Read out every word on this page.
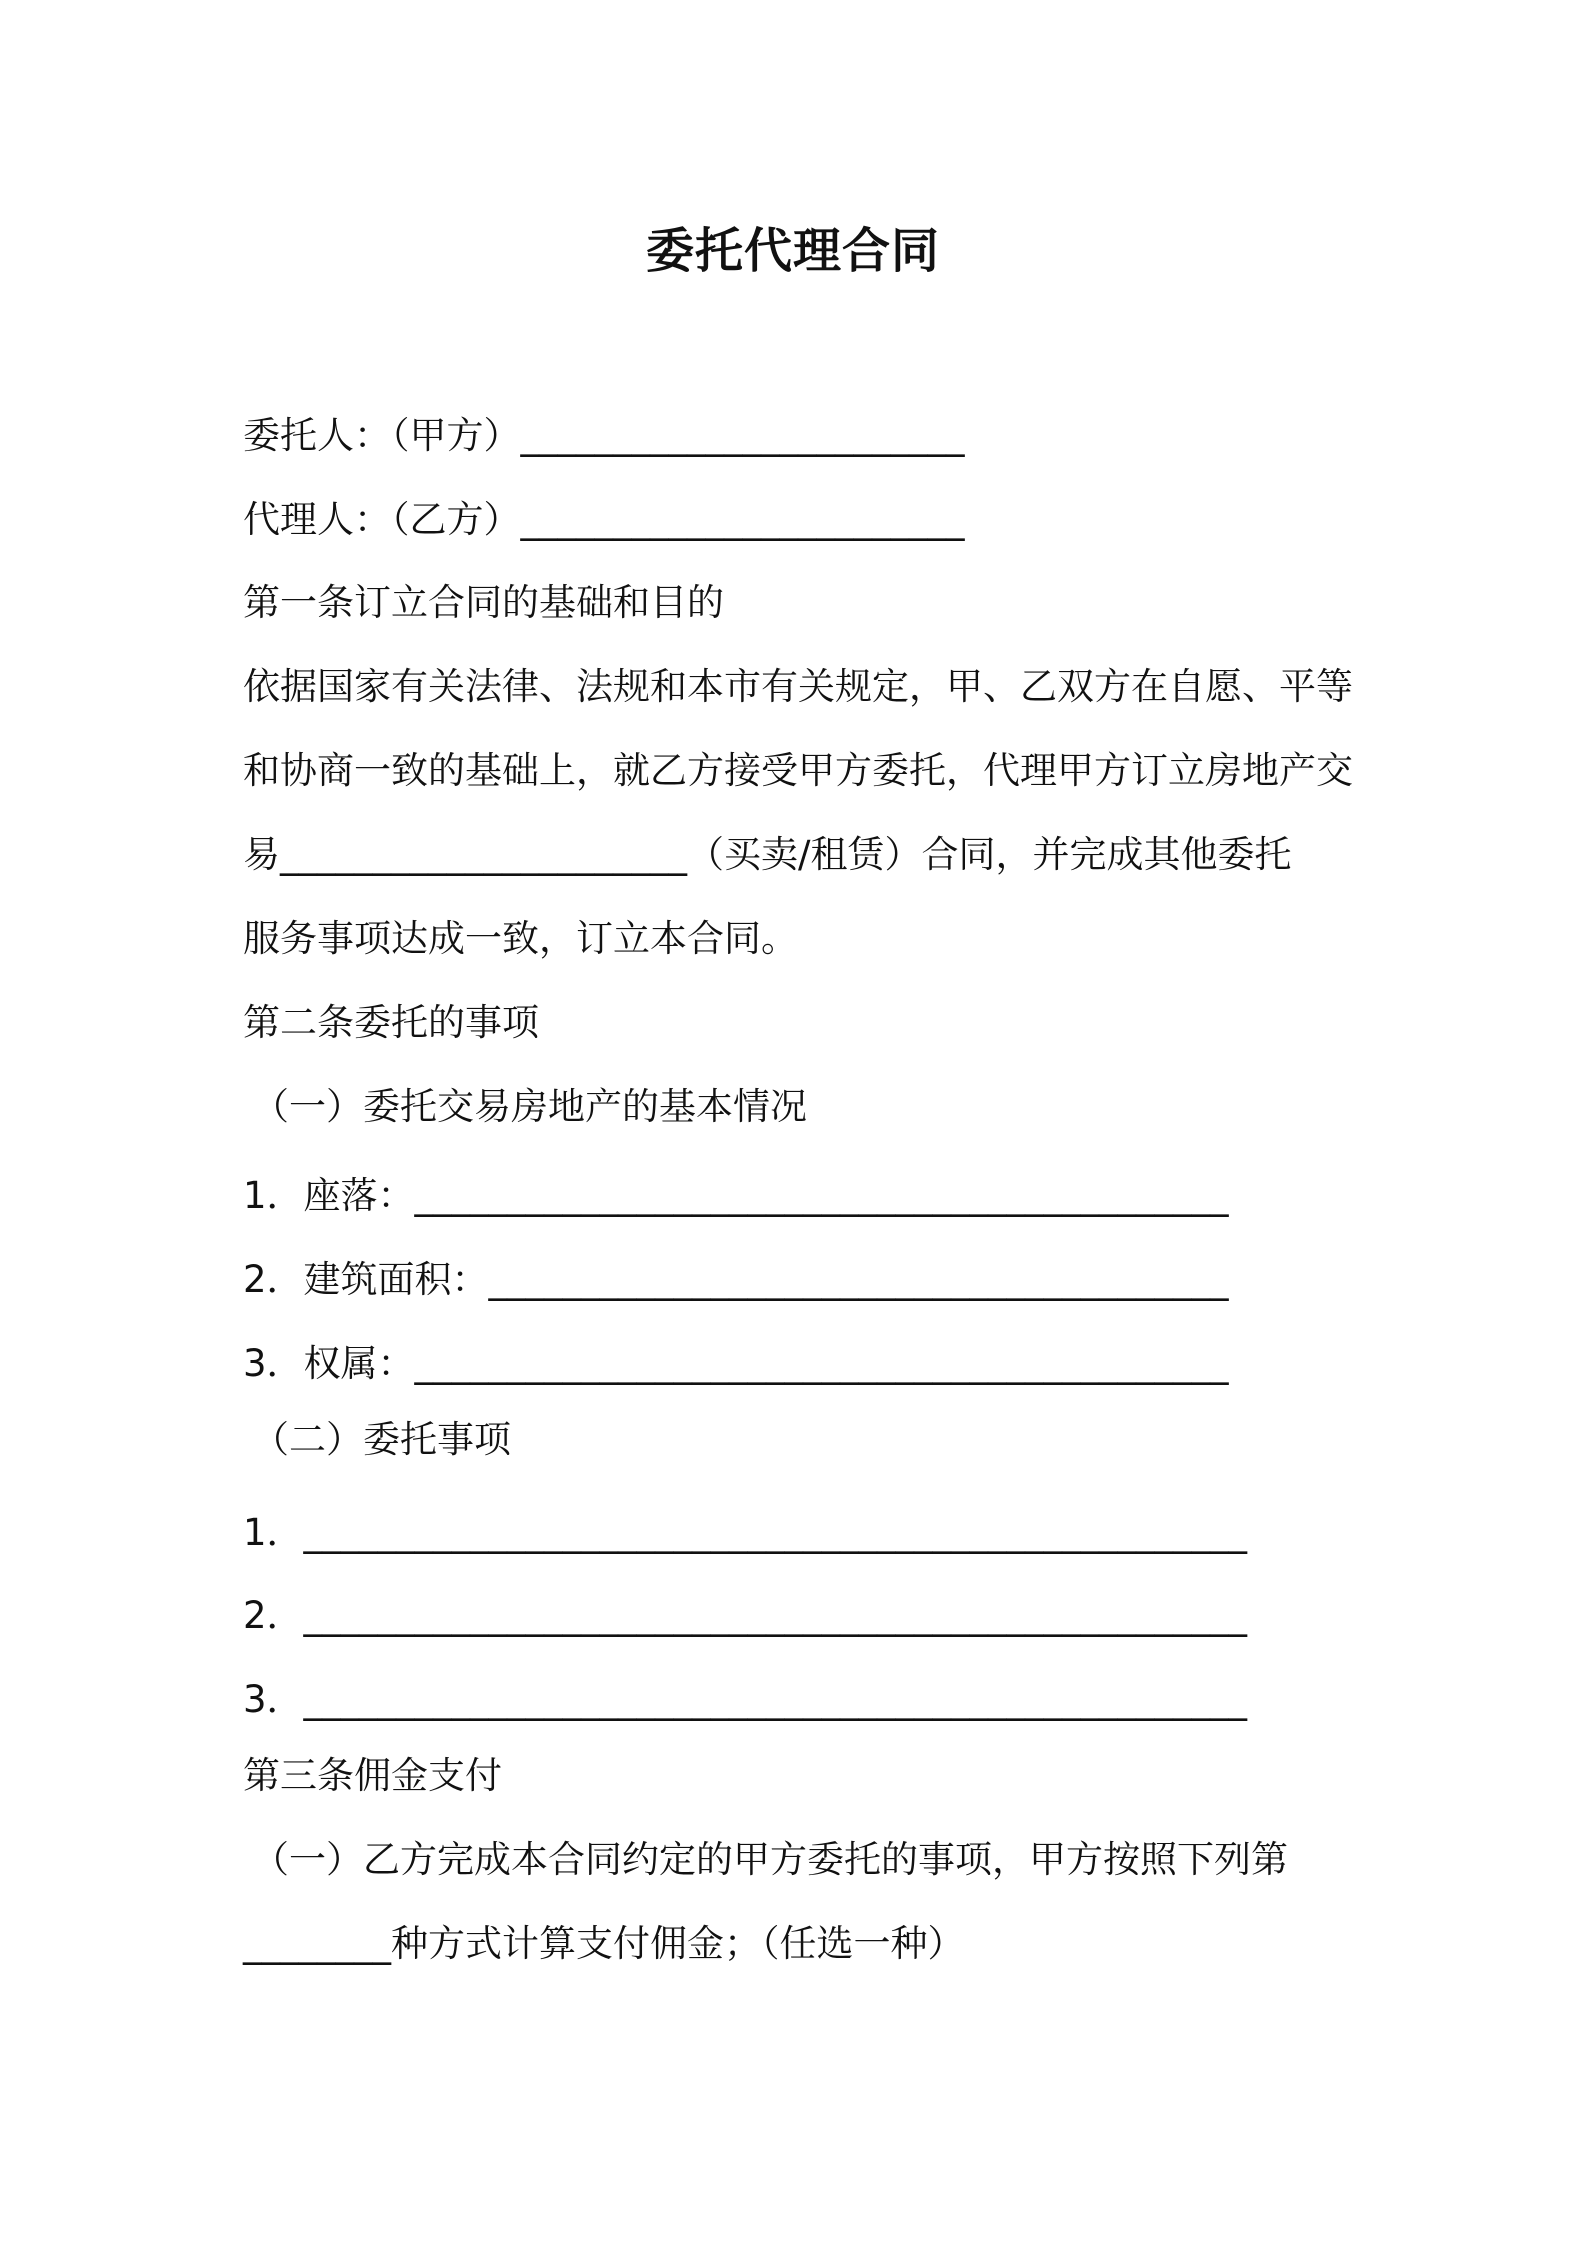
委托代理合同
委托人：（甲方）________________________
代理人：（乙方）________________________
第一条订立合同的基础和目的
依据国家有关法律、法规和本市有关规定，甲、乙双方在自愿、平等
和协商一致的基础上，就乙方接受甲方委托，代理甲方订立房地产交
易______________________（买卖/租赁）合同，并完成其他委托
服务事项达成一致，订立本合同。
第二条委托的事项
（一）委托交易房地产的基本情况
1．座落：____________________________________________
2．建筑面积：________________________________________
3．权属：____________________________________________
（二）委托事项
1．___________________________________________________
2．___________________________________________________
3．___________________________________________________
第三条佣金支付
（一）乙方完成本合同约定的甲方委托的事项，甲方按照下列第
________种方式计算支付佣金；（任选一种）
